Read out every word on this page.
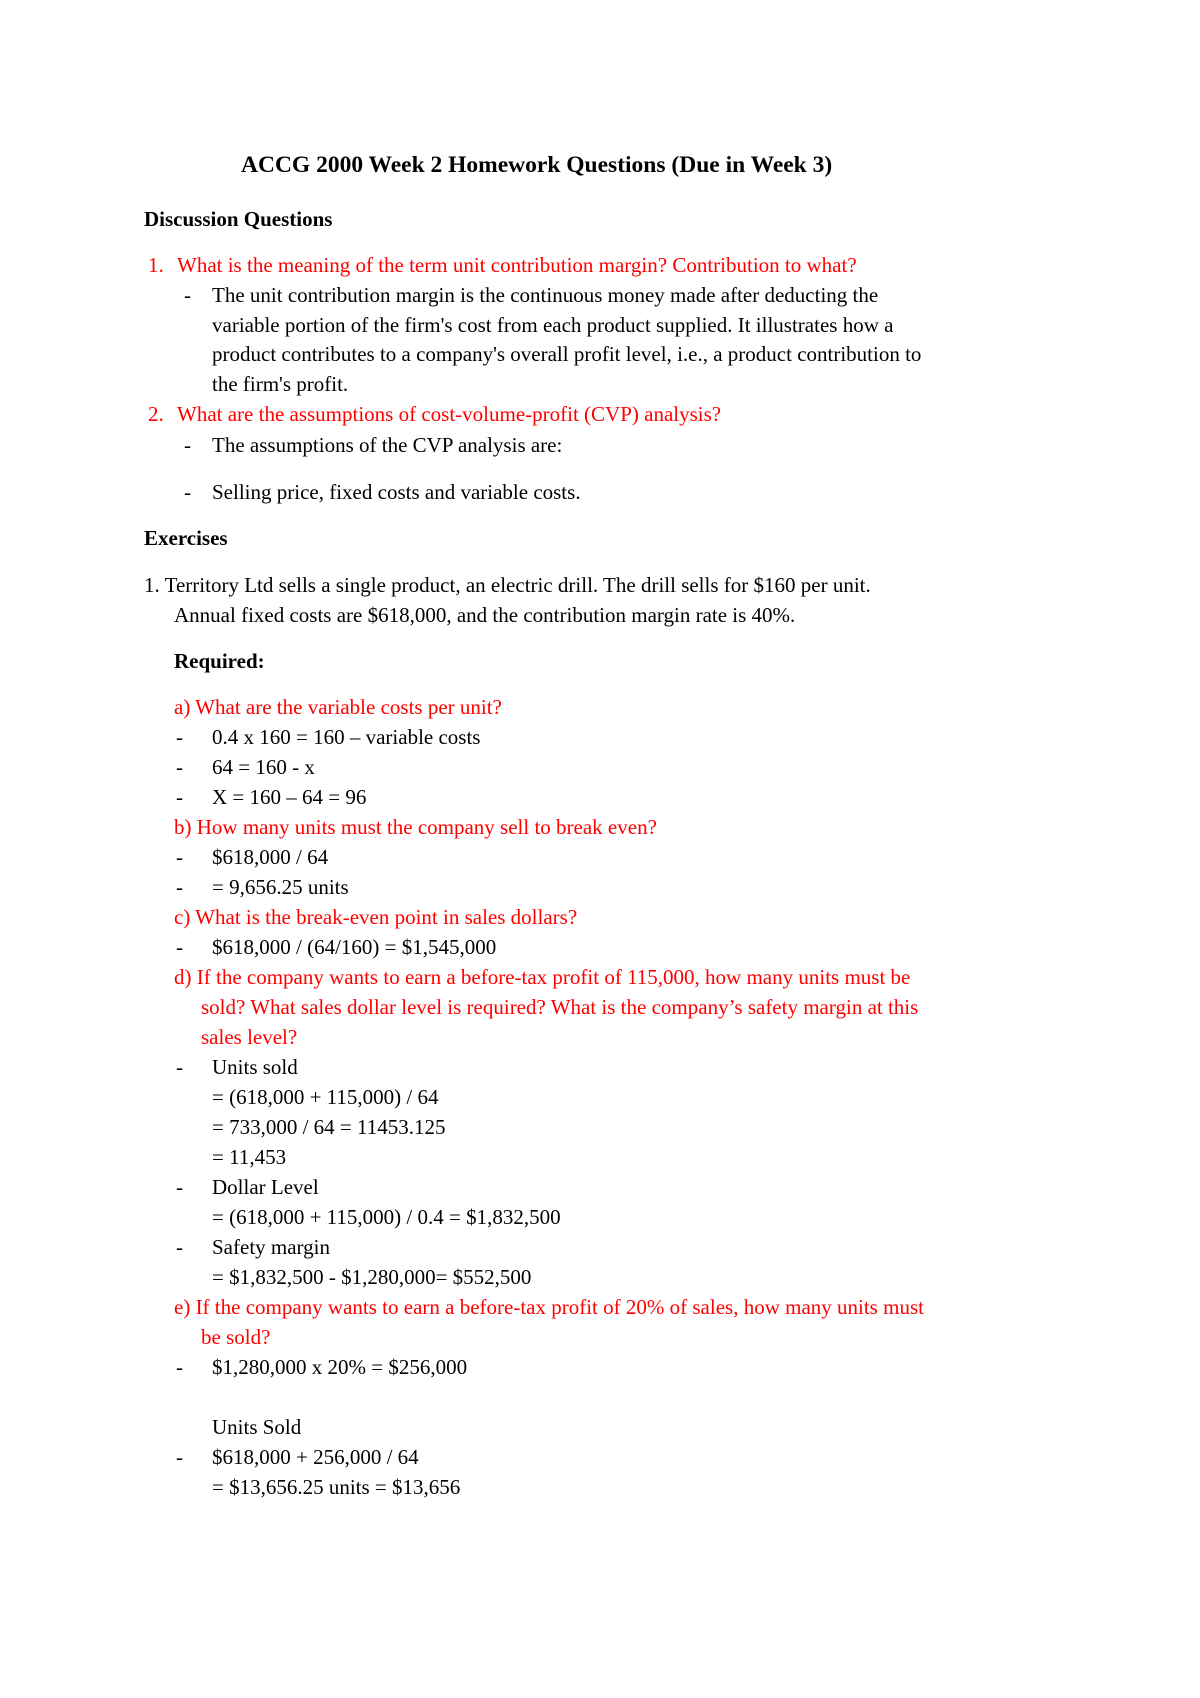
ACCG 2000 Week 2 Homework Questions (Due in Week 3)
Discussion Questions
1. What is the meaning of the term unit contribution margin? Contribution to what?
- The unit contribution margin is the continuous money made after deducting the
variable portion of the firm's cost from each product supplied. It illustrates how a
product contributes to a company's overall profit level, i.e., a product contribution to
the firm's profit.
2. What are the assumptions of cost-volume-profit (CVP) analysis?
- The assumptions of the CVP analysis are:
- Selling price, fixed costs and variable costs.
Exercises
1. Territory Ltd sells a single product, an electric drill. The drill sells for $160 per unit.
Annual fixed costs are $618,000, and the contribution margin rate is 40%.
Required:
a) What are the variable costs per unit?
- 0.4 x 160 = 160 – variable costs
- 64 = 160 - x
- X = 160 – 64 = 96
b) How many units must the company sell to break even?
- $618,000 / 64
- = 9,656.25 units
c) What is the break-even point in sales dollars?
- $618,000 / (64/160) = $1,545,000
d) If the company wants to earn a before-tax profit of 115,000, how many units must be
sold? What sales dollar level is required? What is the company’s safety margin at this
sales level?
- Units sold
= (618,000 + 115,000) / 64
= 733,000 / 64 = 11453.125
= 11,453
- Dollar Level
= (618,000 + 115,000) / 0.4 = $1,832,500
- Safety margin
= $1,832,500 - $1,280,000= $552,500
e) If the company wants to earn a before-tax profit of 20% of sales, how many units must
be sold?
- $1,280,000 x 20% = $256,000
Units Sold
- $618,000 + 256,000 / 64
= $13,656.25 units = $13,656
